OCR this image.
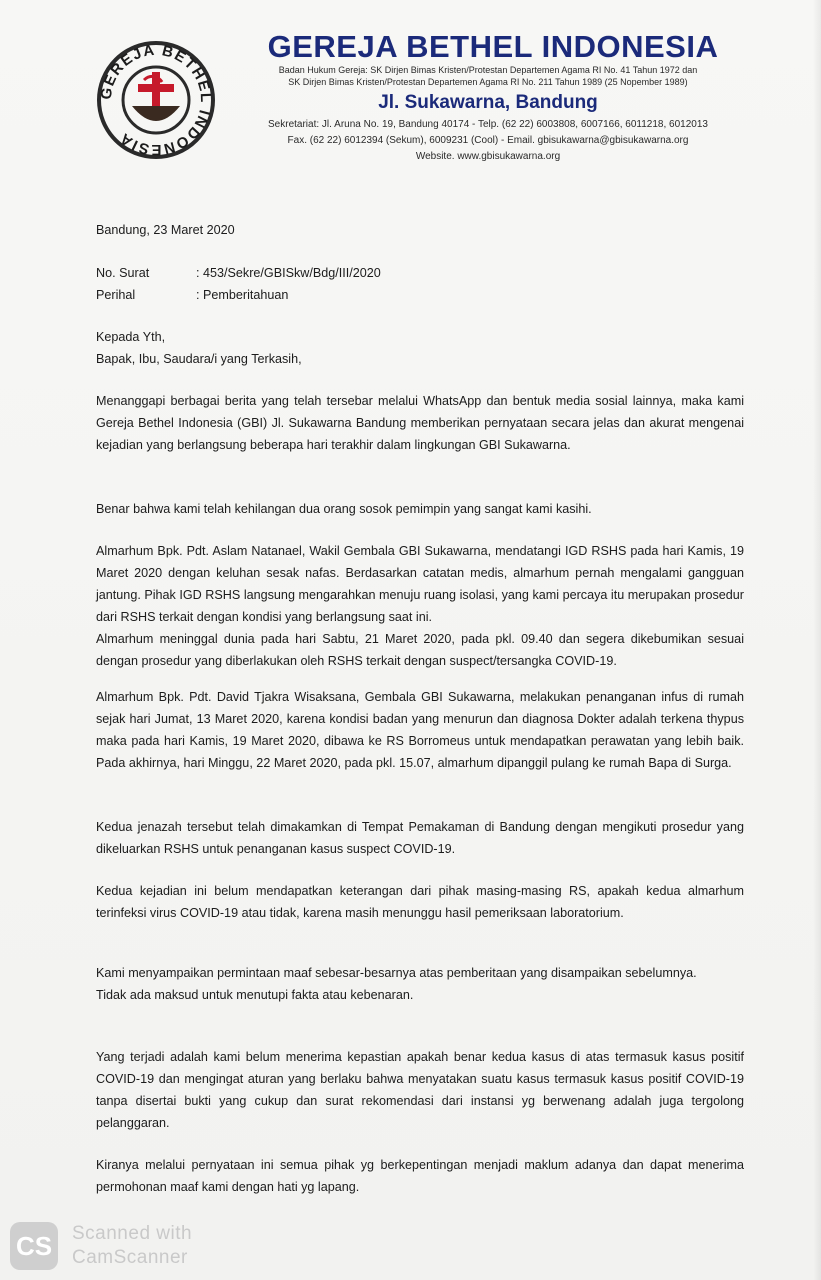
GEREJA BETHEL INDONESIA
GEREJA BETHEL INDONESIA
Badan Hukum Gereja: SK Dirjen Bimas Kristen/Protestan Departemen Agama RI No. 41 Tahun 1972 dan
SK Dirjen Bimas Kristen/Protestan Departemen Agama RI No. 211 Tahun 1989 (25 Nopember 1989)
Jl. Sukawarna, Bandung
Sekretariat: Jl. Aruna No. 19, Bandung 40174 - Telp. (62 22) 6003808, 6007166, 6011218, 6012013
Fax. (62 22) 6012394 (Sekum), 6009231 (Cool) - Email. gbisukawarna@gbisukawarna.org
Website. www.gbisukawarna.org
Bandung, 23 Maret 2020
No. Surat	: 453/Sekre/GBISkw/Bdg/III/2020
Perihal	: Pemberitahuan
Kepada Yth,
Bapak, Ibu, Saudara/i yang Terkasih,
Menanggapi berbagai berita yang telah tersebar melalui WhatsApp dan bentuk media sosial lainnya, maka kami Gereja Bethel Indonesia (GBI) Jl. Sukawarna Bandung memberikan pernyataan secara jelas dan akurat mengenai kejadian yang berlangsung beberapa hari terakhir dalam lingkungan GBI Sukawarna.
Benar bahwa kami telah kehilangan dua orang sosok pemimpin yang sangat kami kasihi.

Almarhum Bpk. Pdt. Aslam Natanael, Wakil Gembala GBI Sukawarna, mendatangi IGD RSHS pada hari Kamis, 19 Maret 2020 dengan keluhan sesak nafas. Berdasarkan catatan medis, almarhum pernah mengalami gangguan jantung. Pihak IGD RSHS langsung mengarahkan menuju ruang isolasi, yang kami percaya itu merupakan prosedur dari RSHS terkait dengan kondisi yang berlangsung saat ini.

Almarhum meninggal dunia pada hari Sabtu, 21 Maret 2020, pada pkl. 09.40 dan segera dikebumikan sesuai dengan prosedur yang diberlakukan oleh RSHS terkait dengan suspect/tersangka COVID-19.

Almarhum Bpk. Pdt. David Tjakra Wisaksana, Gembala GBI Sukawarna, melakukan penanganan infus di rumah sejak hari Jumat, 13 Maret 2020, karena kondisi badan yang menurun dan diagnosa Dokter adalah terkena thypus maka pada hari Kamis, 19 Maret 2020, dibawa ke RS Borromeus untuk mendapatkan perawatan yang lebih baik. Pada akhirnya, hari Minggu, 22 Maret 2020, pada pkl. 15.07, almarhum dipanggil pulang ke rumah Bapa di Surga.
Kedua jenazah tersebut telah dimakamkan di Tempat Pemakaman di Bandung dengan mengikuti prosedur yang dikeluarkan RSHS untuk penanganan kasus suspect COVID-19.
Kedua kejadian ini belum mendapatkan keterangan dari pihak masing-masing RS, apakah kedua almarhum terinfeksi virus COVID-19 atau tidak, karena masih menunggu hasil pemeriksaan laboratorium.

Kami menyampaikan permintaan maaf sebesar-besarnya atas pemberitaan yang disampaikan sebelumnya.

Tidak ada maksud untuk menutupi fakta atau kebenaran.

Yang terjadi adalah kami belum menerima kepastian apakah benar kedua kasus di atas termasuk kasus positif COVID-19 dan mengingat aturan yang berlaku bahwa menyatakan suatu kasus termasuk kasus positif COVID-19 tanpa disertai bukti yang cukup dan surat rekomendasi dari instansi yg berwenang adalah juga tergolong pelanggaran.
Kiranya melalui pernyataan ini semua pihak yg berkepentingan menjadi maklum adanya dan dapat menerima permohonan maaf kami dengan hati yg lapang.
CS	Scanned with
CamScanner
